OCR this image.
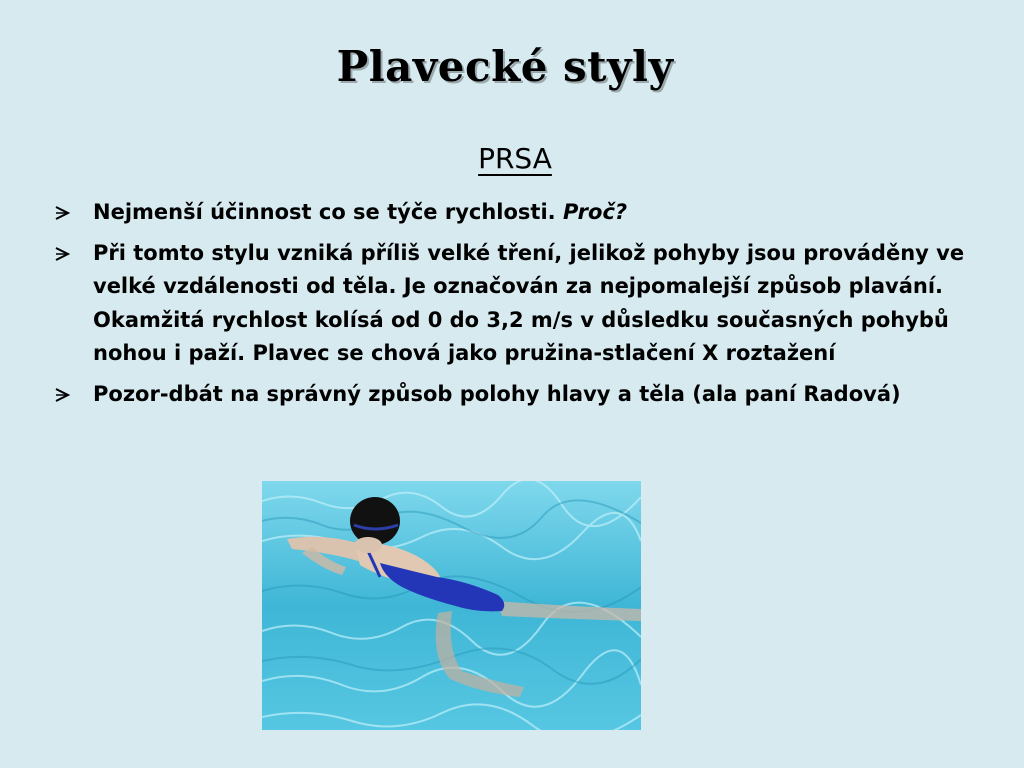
Plavecké styly
PRSA
Nejmenší účinnost co se týče rychlosti. Proč?
Při tomto stylu vzniká příliš velké tření, jelikož pohyby jsou prováděny ve velké vzdálenosti od těla. Je označován za nejpomalejší způsob plavání. Okamžitá rychlost kolísá od 0 do 3,2 m/s v důsledku současných pohybů nohou i paží. Plavec se chová jako pružina-stlačení X roztažení
Pozor-dbát na správný způsob polohy hlavy a těla (ala paní Radová)
